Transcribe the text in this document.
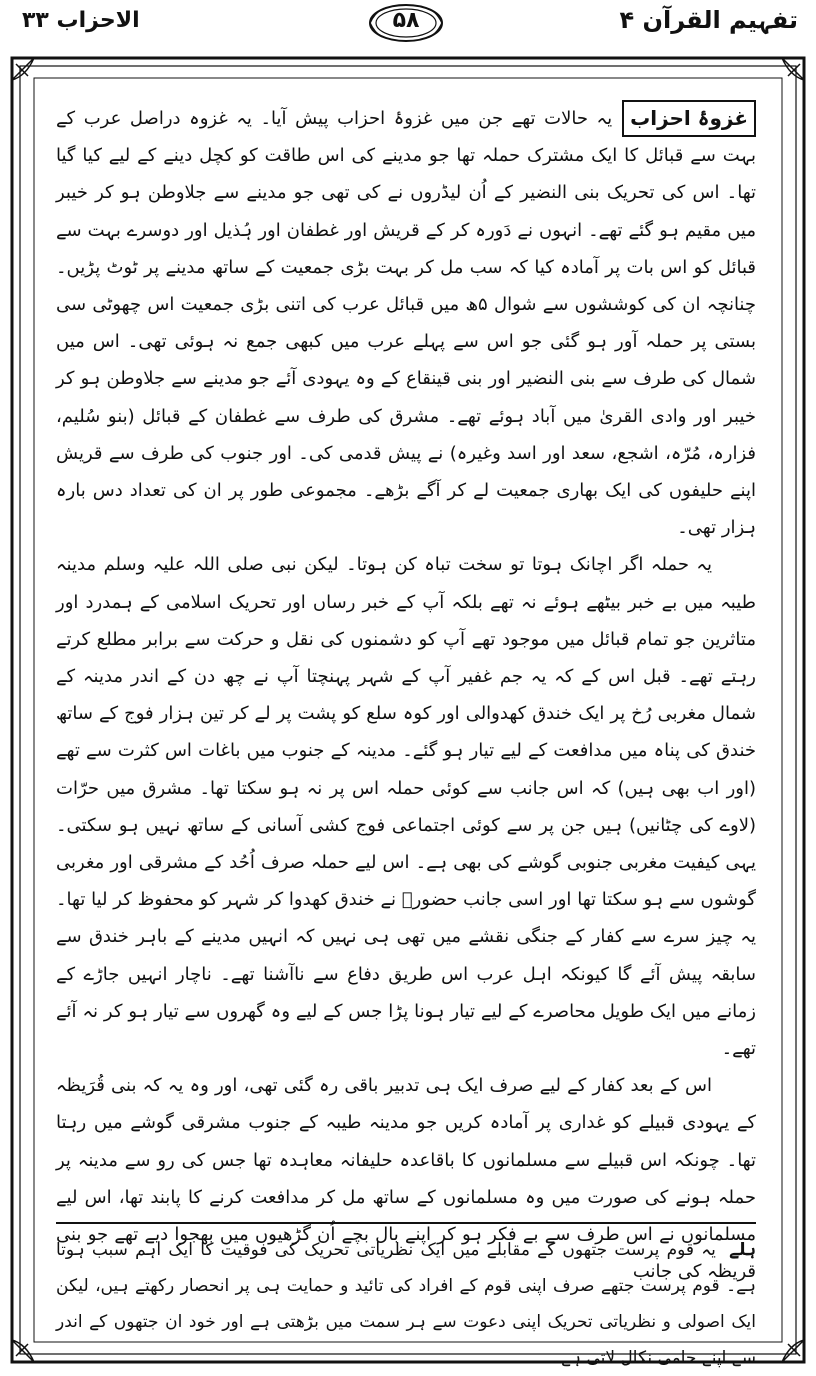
تفہیم القرآن ۴
۵۸
الاحزاب ۳۳

غزوۂ احزاب
یہ حالات تھے جن میں غزوۂ احزاب پیش آیا۔ یہ غزوہ دراصل عرب کے بہت سے قبائل کا ایک مشترک حملہ تھا جو مدینے کی اس طاقت کو کچل دینے کے لیے کیا گیا تھا۔ اس کی تحریک بنی النضیر کے اُن لیڈروں نے کی تھی جو مدینے سے جلاوطن ہو کر خیبر میں مقیم ہو گئے تھے۔ انہوں نے دَورہ کر کے قریش اور غطفان اور ہُذیل اور دوسرے بہت سے قبائل کو اس بات پر آمادہ کیا کہ سب مل کر بہت بڑی جمعیت کے ساتھ مدینے پر ٹوٹ پڑیں۔ چنانچہ ان کی کوششوں سے شوال ۵ھ میں قبائل عرب کی اتنی بڑی جمعیت اس چھوٹی سی بستی پر حملہ آور ہو گئی جو اس سے پہلے عرب میں کبھی جمع نہ ہوئی تھی۔ اس میں شمال کی طرف سے بنی النضیر اور بنی قینقاع کے وہ یہودی آئے جو مدینے سے جلاوطن ہو کر خیبر اور وادی القریٰ میں آباد ہوئے تھے۔ مشرق کی طرف سے غطفان کے قبائل (بنو سُلیم، فزارہ، مُرّہ، اشجع، سعد اور اسد وغیرہ) نے پیش قدمی کی۔ اور جنوب کی طرف سے قریش اپنے حلیفوں کی ایک بھاری جمعیت لے کر آگے بڑھے۔ مجموعی طور پر ان کی تعداد دس بارہ ہزار تھی۔

یہ حملہ اگر اچانک ہوتا تو سخت تباہ کن ہوتا۔ لیکن نبی صلی اللہ علیہ وسلم مدینہ طیبہ میں بے خبر بیٹھے ہوئے نہ تھے بلکہ آپ کے خبر رساں اور تحریک اسلامی کے ہمدرد اور متاثرین جو تمام قبائل میں موجود تھے آپ کو دشمنوں کی نقل و حرکت سے برابر مطلع کرتے رہتے تھے۔ قبل اس کے کہ یہ جم غفیر آپ کے شہر پہنچتا آپ نے چھ دن کے اندر مدینہ کے شمال مغربی رُخ پر ایک خندق کھدوالی اور کوہ سلع کو پشت پر لے کر تین ہزار فوج کے ساتھ خندق کی پناہ میں مدافعت کے لیے تیار ہو گئے۔ مدینہ کے جنوب میں باغات اس کثرت سے تھے (اور اب بھی ہیں) کہ اس جانب سے کوئی حملہ اس پر نہ ہو سکتا تھا۔ مشرق میں حرّات (لاوے کی چٹانیں) ہیں جن پر سے کوئی اجتماعی فوج کشی آسانی کے ساتھ نہیں ہو سکتی۔ یہی کیفیت مغربی جنوبی گوشے کی بھی ہے۔ اس لیے حملہ صرف اُحُد کے مشرقی اور مغربی گوشوں سے ہو سکتا تھا اور اسی جانب حضورؐ نے خندق کھدوا کر شہر کو محفوظ کر لیا تھا۔ یہ چیز سرے سے کفار کے جنگی نقشے میں تھی ہی نہیں کہ انہیں مدینے کے باہر خندق سے سابقہ پیش آئے گا کیونکہ اہل عرب اس طریق دفاع سے ناآشنا تھے۔ ناچار انہیں جاڑے کے زمانے میں ایک طویل محاصرے کے لیے تیار ہونا پڑا جس کے لیے وہ گھروں سے تیار ہو کر نہ آئے تھے۔

اس کے بعد کفار کے لیے صرف ایک ہی تدبیر باقی رہ گئی تھی، اور وہ یہ کہ بنی قُرَیظہ کے یہودی قبیلے کو غداری پر آمادہ کریں جو مدینہ طیبہ کے جنوب مشرقی گوشے میں رہتا تھا۔ چونکہ اس قبیلے سے مسلمانوں کا باقاعدہ حلیفانہ معاہدہ تھا جس کی رو سے مدینہ پر حملہ ہونے کی صورت میں وہ مسلمانوں کے ساتھ مل کر مدافعت کرنے کا پابند تھا، اس لیے مسلمانوں نے اس طرف سے بے فکر ہو کر اپنے بال بچے اُن گڑھیوں میں بھجوا دیے تھے جو بنی قریظہ کی جانب

ہلے یہ قوم پرست جتھوں کے مقابلے میں ایک نظریاتی تحریک کی فوقیت کا ایک اہم سبب ہوتا ہے۔ قوم پرست جتھے صرف اپنی قوم کے افراد کی تائید و حمایت ہی پر انحصار رکھتے ہیں، لیکن ایک اصولی و نظریاتی تحریک اپنی دعوت سے ہر سمت میں بڑھتی ہے اور خود ان جتھوں کے اندر سے اپنے حامی نکال لاتی ہے۔
